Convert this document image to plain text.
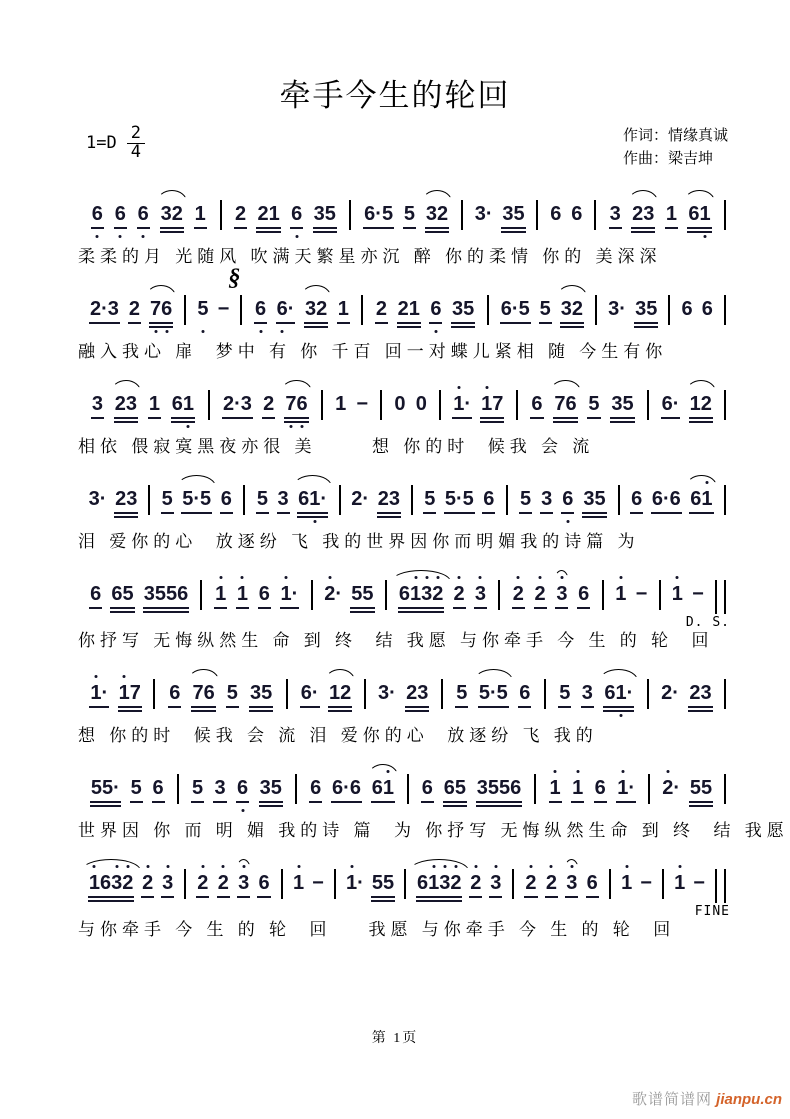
牵手今生的轮回
$1=D \frac{2}{4}$	作词：情缘真诚
作曲：梁吉坤
6 6 6 32 1 2 21 6 35 6·5 5 32 3· 35 6 6 3 23 1 61
柔柔的月 光随风 吹满天繁星亦沉 醉 你的柔情 你的 美深深
2·3 2 7
6 5 −
§
6 6
· 32 1 2 21 6 35 6·5 5 32 3· 35 6 6
融入我心 扉  梦中 有 你 千百 回一对蝶儿紧相 随 今生有你
3 23 1 61 2·3 2 7
6 1 − 0 0 1
· 1
7 6 76 5 35 6· 12
相依 偎寂寞黑夜亦很 美      想 你的时  候我 会 流
3· 23 5 5·5 6 5 3 61
· 2· 23 5 5·5 6 5 3 6 35 6 6·6 61
泪 爱你的心  放逐纷 飞 我的世界因你而明媚我的诗篇 为
6 65 3556 1 1 6 1
· 2
· 55 61
3
2 2 3 2 2 3 6 1 − 1 −
D. S.
你抒写 无悔纵然生 命 到 终  结 我愿 与你牵手 今 生 的 轮  回
1
· 1
7 6 76 5 35 6· 12 3· 23 5 5·5 6 5 3 61
· 2· 23
想 你的时  候我 会 流 泪 爱你的心  放逐纷 飞 我的
55· 5 6 5 3 6 35 6 6·6 61 6 65 3556 1 1 6 1
· 2
· 55
世界因 你 而 明 媚 我的诗 篇  为 你抒写 无悔纵然生命 到 终  结 我愿
1
63
2 2 3 2 2 3 6 1 − 1
· 55 61
3
2 2 3 2 2 3 6 1 − 1 −
FINE
与你牵手 今 生 的 轮  回    我愿 与你牵手 今 生 的 轮  回
第 1页
歌谱简谱网 jianpu.cn
